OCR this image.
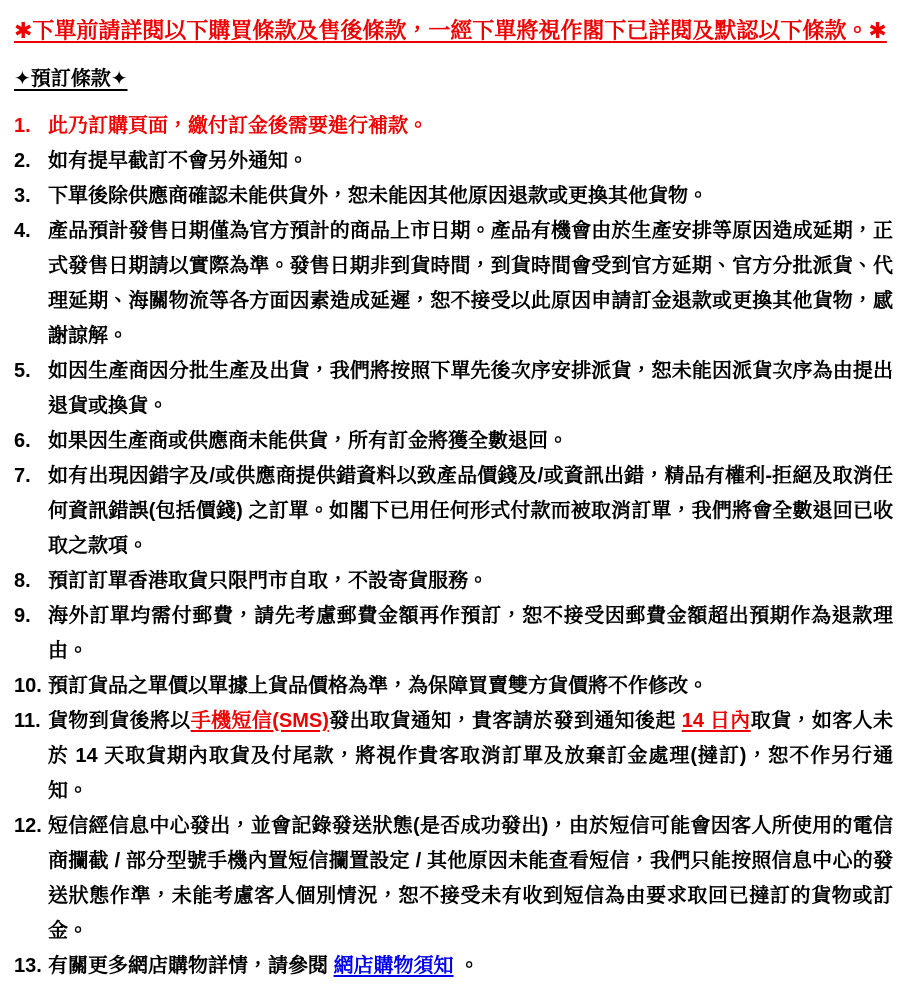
✱下單前請詳閱以下購買條款及售後條款，一經下單將視作閣下已詳閱及默認以下條款。✱

✦預訂條款✦
1. 此乃訂購頁面，繳付訂金後需要進行補款。
2. 如有提早截訂不會另外通知。
3. 下單後除供應商確認未能供貨外，恕未能因其他原因退款或更換其他貨物。
4. 產品預計發售日期僅為官方預計的商品上市日期。產品有機會由於生產安排等原因造成延期，正式發售日期請以實際為準。發售日期非到貨時間，到貨時間會受到官方延期、官方分批派貨、代理延期、海關物流等各方面因素造成延遲，恕不接受以此原因申請訂金退款或更換其他貨物，感謝諒解。
5. 如因生產商因分批生產及出貨，我們將按照下單先後次序安排派貨，恕未能因派貨次序為由提出退貨或換貨。
6. 如果因生產商或供應商未能供貨，所有訂金將獲全數退回。
7. 如有出現因錯字及/或供應商提供錯資料以致產品價錢及/或資訊出錯，精品有權利-拒絕及取消任何資訊錯誤(包括價錢) 之訂單。如閣下已用任何形式付款而被取消訂單，我們將會全數退回已收取之款項。
8. 預訂訂單香港取貨只限門市自取，不設寄貨服務。
9. 海外訂單均需付郵費，請先考慮郵費金額再作預訂，恕不接受因郵費金額超出預期作為退款理由。
10. 預訂貨品之單價以單據上貨品價格為準，為保障買賣雙方貨價將不作修改。
11. 貨物到貨後將以手機短信(SMS)發出取貨通知，貴客請於發到通知後起 14 日內取貨，如客人未於 14 天取貨期內取貨及付尾款，將視作貴客取消訂單及放棄訂金處理(撻訂)，恕不作另行通知。
12. 短信經信息中心發出，並會記錄發送狀態(是否成功發出)，由於短信可能會因客人所使用的電信商攔截 / 部分型號手機內置短信攔置設定 / 其他原因未能查看短信，我們只能按照信息中心的發送狀態作準，未能考慮客人個別情況，恕不接受未有收到短信為由要求取回已撻訂的貨物或訂金。
13. 有關更多網店購物詳情，請參閱 網店購物須知 。
